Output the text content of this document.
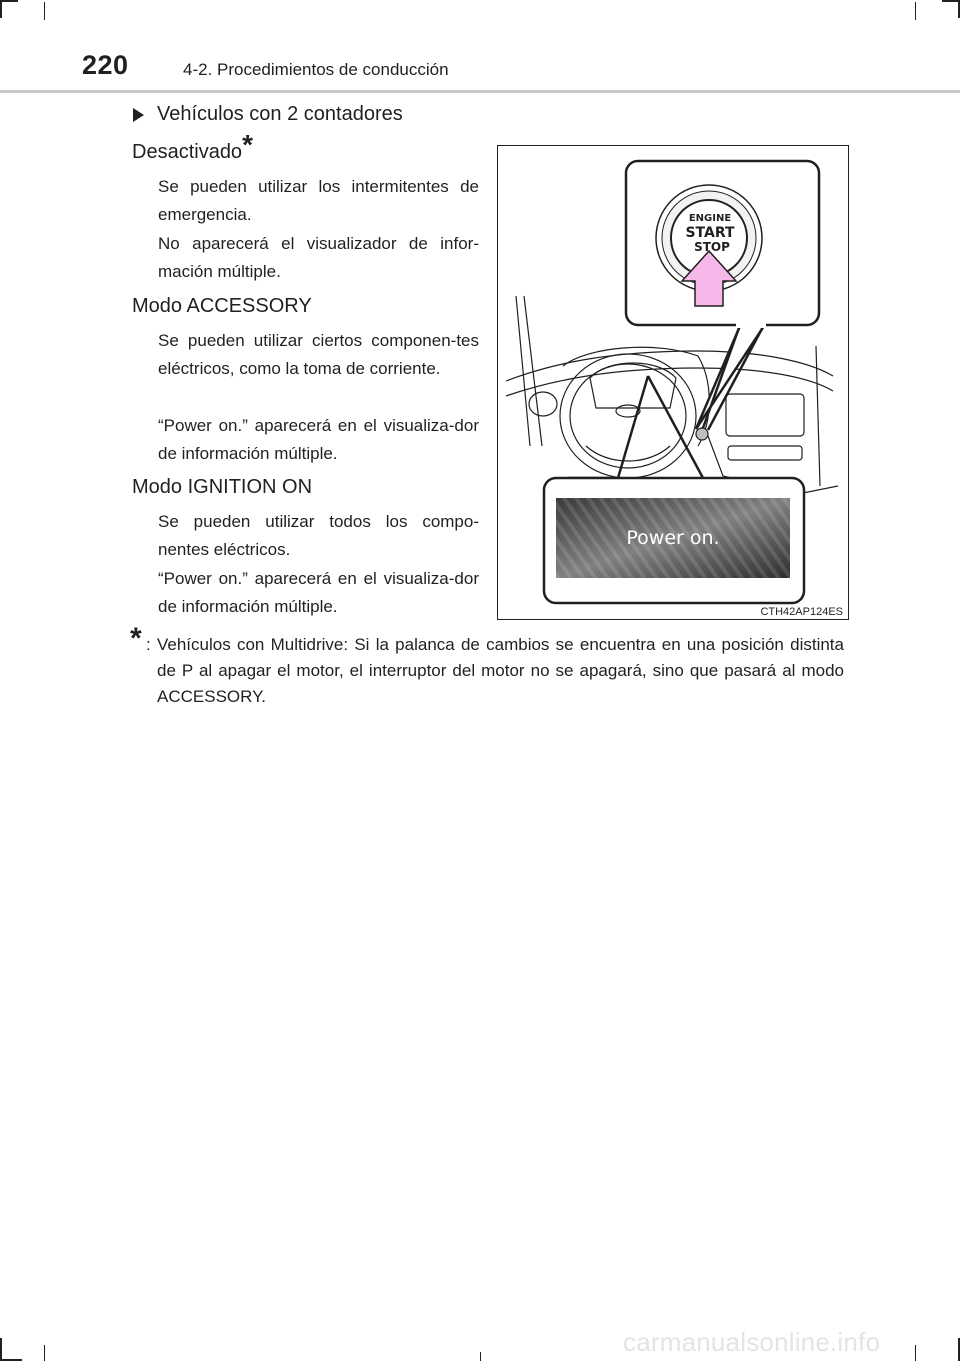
220	4-2. Procedimientos de conducción
Vehículos con 2 contadores
Desactivado*
Se pueden utilizar los intermitentes de emergencia.
No aparecerá el visualizador de infor-mación múltiple.
Modo ACCESSORY
Se pueden utilizar ciertos componen-tes eléctricos, como la toma de corriente.
“Power on.” aparecerá en el visualiza-dor de información múltiple.
Modo IGNITION ON
Se pueden utilizar todos los compo-nentes eléctricos.
“Power on.” aparecerá en el visualiza-dor de información múltiple.
ENGINE
START
STOP
Power on.
CTH42AP124ES
* : Vehículos con Multidrive: Si la palanca de cambios se encuentra en una posición distinta de P al apagar el motor, el interruptor del motor no se apagará, sino que pasará al modo ACCESSORY.
carmanualsonline.info
